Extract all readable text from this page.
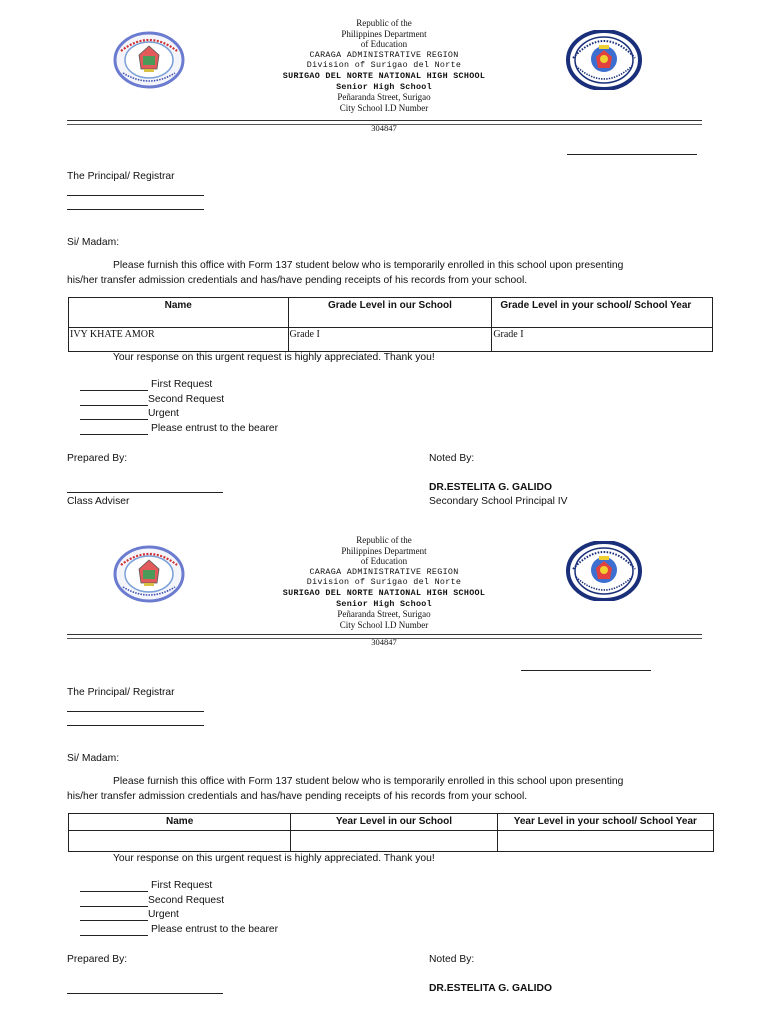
Republic of the
Philippines Department
of Education
CARAGA ADMINISTRATIVE REGION
Division of Surigao del Norte
SURIGAO DEL NORTE NATIONAL HIGH SCHOOL
Senior High School
Peñaranda Street, Surigao
City School I.D Number
304847
The Principal/ Registrar
Si/ Madam:
Please furnish this office with Form 137 student below who is temporarily enrolled in this school upon presenting
his/her transfer admission credentials and has/have pending receipts of his records from your school.
Name	Grade Level in our School	Grade Level in your school/ School Year
IVY KHATE AMOR	Grade I	Grade I
Your response on this urgent request is highly appreciated. Thank you!
First Request
Second Request
Urgent
Please entrust to the bearer
Prepared By:	Noted By:
DR.ESTELITA G. GALIDO
Class Adviser	Secondary School Principal IV
Republic of the
Philippines Department
of Education
CARAGA ADMINISTRATIVE REGION
Division of Surigao del Norte
SURIGAO DEL NORTE NATIONAL HIGH SCHOOL
Senior High School
Peñaranda Street, Surigao
City School I.D Number
304847
The Principal/ Registrar
Si/ Madam:
Please furnish this office with Form 137 student below who is temporarily enrolled in this school upon presenting
his/her transfer admission credentials and has/have pending receipts of his records from your school.
Name	Year Level in our School	Year Level in your school/ School Year

Your response on this urgent request is highly appreciated. Thank you!
First Request
Second Request
Urgent
Please entrust to the bearer
Prepared By:	Noted By:
DR.ESTELITA G. GALIDO
